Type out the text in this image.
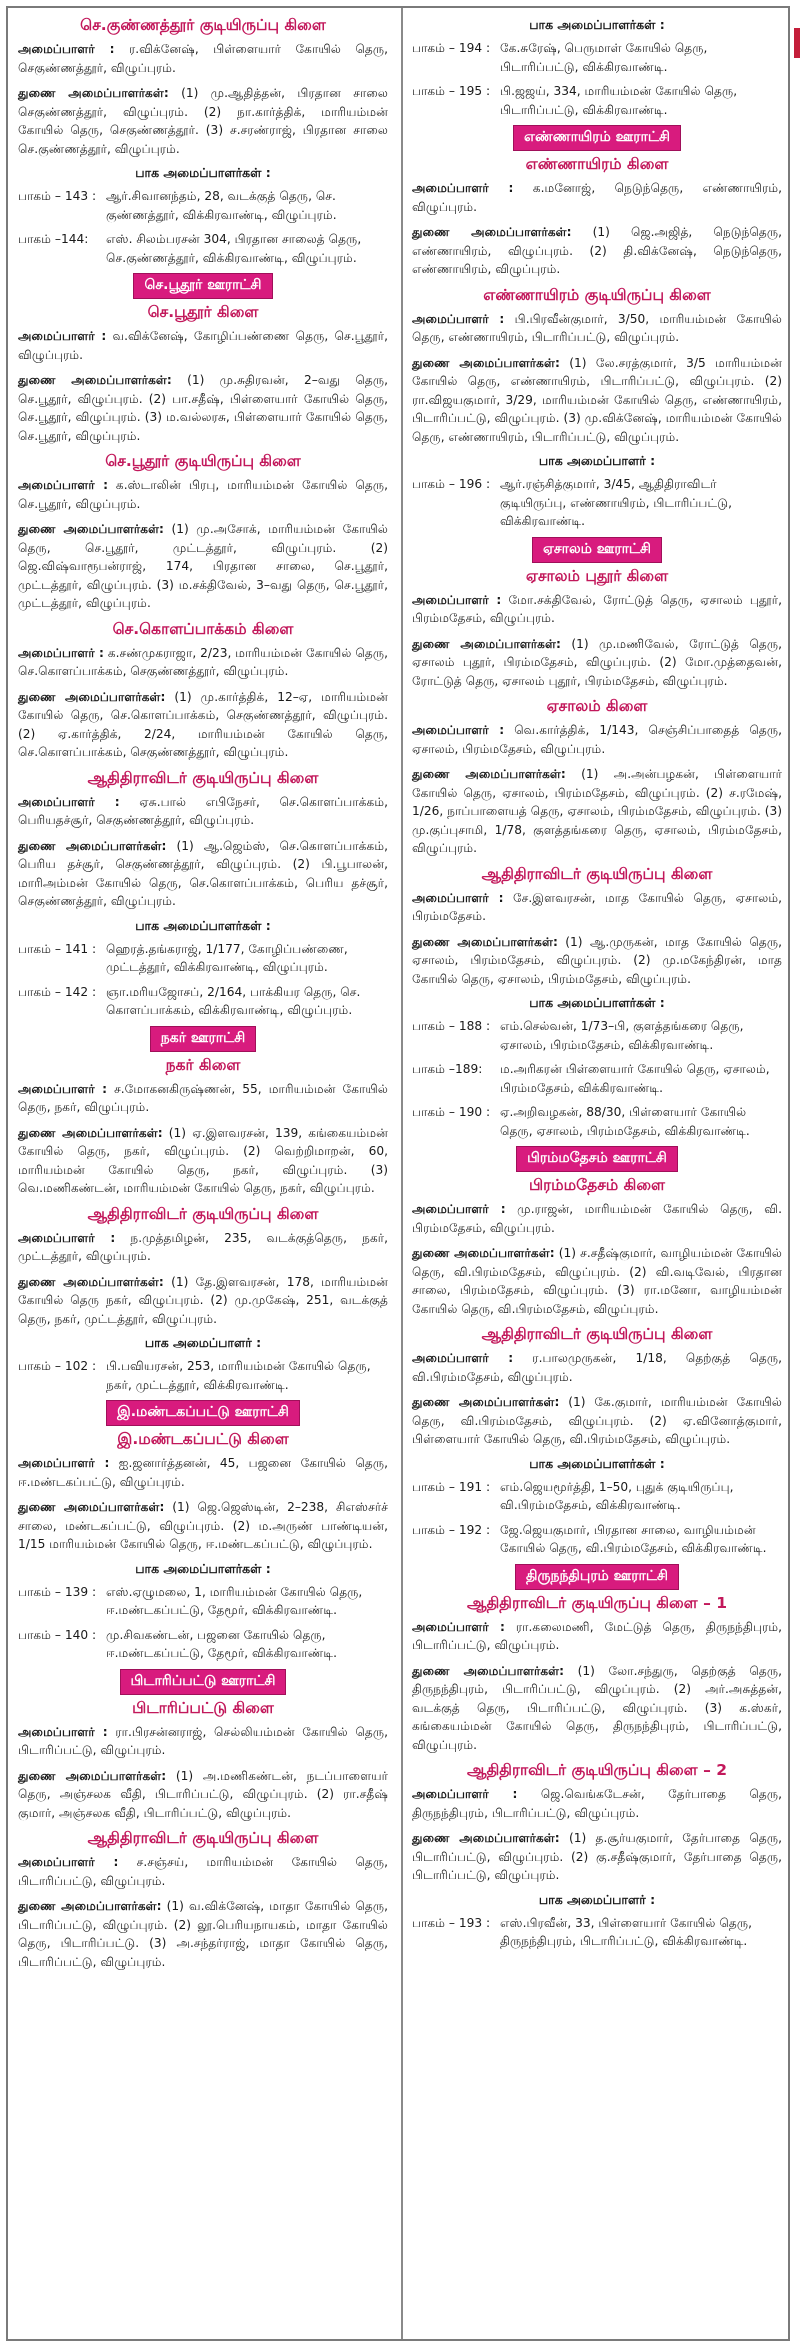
செ.குண்ணத்தூர் குடியிருப்பு கிளை

அமைப்பாளர் : ர.விக்னேஷ், பிள்ளையார் கோயில் தெரு, செகுண்ணத்தூர், விழுப்புரம்.

துணை அமைப்பாளர்கள்: (1) மு.ஆதித்தன், பிரதான சாலை செகுண்ணத்தூர், விழுப்புரம். (2) நா.கார்த்திக், மாரியம்மன் கோயில் தெரு, செகுண்ணத்தூர். (3) ச.சரண்ராஜ், பிரதான சாலை செ.குண்ணத்தூர், விழுப்புரம்.

பாக அமைப்பாளர்கள் :
பாகம் – 143 : ஆர்.சிவானந்தம், 28, வடக்குத் தெரு, செ. குண்ணத்தூர், விக்கிரவாண்டி, விழுப்புரம்.
பாகம் –144:	எஸ். சிலம்பரசன் 304, பிரதான சாலைத் தெரு, செ.குண்ணத்தூர், விக்கிரவாண்டி, விழுப்புரம்.
செ.பூதூர் ஊராட்சி
செ.பூதூர் கிளை

அமைப்பாளர் : வ.விக்னேஷ், கோழிப்பண்ணை தெரு, செ.பூதூர், விழுப்புரம்.

துணை அமைப்பாளர்கள்: (1) மு.சுதிரவன், 2–வது தெரு, செ.பூதூர், விழுப்புரம். (2) பா.சதீஷ், பிள்ளையார் கோயில் தெரு, செ.பூதூர், விழுப்புரம். (3) ம.வல்லரசு, பிள்ளையார் கோயில் தெரு, செ.பூதூர், விழுப்புரம்.

செ.பூதூர் குடியிருப்பு கிளை

அமைப்பாளர் : க.ஸ்டாலின் பிரபு, மாரியம்மன் கோயில் தெரு, செ.பூதூர், விழுப்புரம்.

துணை அமைப்பாளர்கள்: (1) மு.அசோக், மாரியம்மன் கோயில் தெரு, செ.பூதூர், முட்டத்தூர், விழுப்புரம். (2) ஜெ.விஷ்வாரூபன்ராஜ், 174, பிரதான சாலை, செ.பூதூர், முட்டத்தூர், விழுப்புரம். (3) ம.சக்திவேல், 3–வது தெரு, செ.பூதூர், முட்டத்தூர், விழுப்புரம்.

செ.கொளப்பாக்கம் கிளை

அமைப்பாளர் : க.சண்முகராஜா, 2/23, மாரியம்மன் கோயில் தெரு, செ.கொளப்பாக்கம், செகுண்ணத்தூர், விழுப்புரம்.

துணை அமைப்பாளர்கள்: (1) மு.கார்த்திக், 12–ஏ, மாரியம்மன் கோயில் தெரு, செ.கொளப்பாக்கம், செகுண்ணத்தூர், விழுப்புரம். (2) ஏ.கார்த்திக், 2/24, மாரியம்மன் கோயில் தெரு, செ.கொளப்பாக்கம், செகுண்ணத்தூர், விழுப்புரம்.

ஆதிதிராவிடர் குடியிருப்பு கிளை

அமைப்பாளர் : ஏசு.பால் எபிநேசர், செ.கொளப்பாக்கம், பெரியதச்சூர், செகுண்ணத்தூர், விழுப்புரம்.

துணை அமைப்பாளர்கள்: (1) ஆ.ஜெம்ஸ், செ.கொளப்பாக்கம், பெரிய தச்சூர், செகுண்ணத்தூர், விழுப்புரம். (2) பி.பூபாலன், மாரிஅம்மன் கோயில் தெரு, செ.கொளப்பாக்கம், பெரிய தச்சூர், செகுண்ணத்தூர், விழுப்புரம்.

பாக அமைப்பாளர்கள் :
பாகம் – 141 : ஹெரத்.தங்கராஜ், 1/177, கோழிப்பண்ணை, முட்டத்தூர், விக்கிரவாண்டி, விழுப்புரம்.
பாகம் – 142 : ஞா.மரியஜோசப், 2/164, பாக்கியர தெரு, செ. கொளப்பாக்கம், விக்கிரவாண்டி, விழுப்புரம்.
நகர் ஊராட்சி
நகர் கிளை

அமைப்பாளர் : ச.மோகனகிருஷ்ணன், 55, மாரியம்மன் கோயில் தெரு, நகர், விழுப்புரம்.

துணை அமைப்பாளர்கள்: (1) ஏ.இளவரசன், 139, கங்கையம்மன் கோயில் தெரு, நகர், விழுப்புரம். (2) வெற்றிமாறன், 60, மாரியம்மன் கோயில் தெரு, நகர், விழுப்புரம். (3) வெ.மணிகண்டன், மாரியம்மன் கோயில் தெரு, நகர், விழுப்புரம்.

ஆதிதிராவிடர் குடியிருப்பு கிளை

அமைப்பாளர் : ந.முத்தமிழன், 235, வடக்குத்தெரு, நகர், முட்டத்தூர், விழுப்புரம்.

துணை அமைப்பாளர்கள்: (1) தே.இளவரசன், 178, மாரியம்மன் கோயில் தெரு நகர், விழுப்புரம். (2) மு.முகேஷ், 251, வடக்குத் தெரு, நகர், முட்டத்தூர், விழுப்புரம்.

பாக அமைப்பாளர் :
பாகம் – 102 : பி.பவியரசன், 253, மாரியம்மன் கோயில் தெரு, நகர், முட்டத்தூர், விக்கிரவாண்டி.
இ.மண்டகப்பட்டு ஊராட்சி
இ.மண்டகப்பட்டு கிளை

அமைப்பாளர் : ஐ.ஜனார்த்தனன், 45, பஜனை கோயில் தெரு, ஈ.மண்டகப்பட்டு, விழுப்புரம்.

துணை அமைப்பாளர்கள்: (1) ஜெ.ஜெஸ்டின், 2–238, சிஎஸ்சர்ச் சாலை, மண்டகப்பட்டு, விழுப்புரம். (2) ம.அருண் பாண்டியன், 1/15 மாரியம்மன் கோயில் தெரு, ஈ.மண்டகப்பட்டு, விழுப்புரம்.

பாக அமைப்பாளர்கள் :
பாகம் – 139 : எஸ்.ஏழுமலை, 1, மாரியம்மன் கோயில் தெரு, ஈ.மண்டகப்பட்டு, தேமூர், விக்கிரவாண்டி.
பாகம் – 140 : மு.சிவகண்டன், பஜனை கோயில் தெரு, ஈ.மண்டகப்பட்டு, தேமூர், விக்கிரவாண்டி.
பிடாரிப்பட்டு ஊராட்சி
பிடாரிப்பட்டு கிளை

அமைப்பாளர் : ரா.பிரசன்னராஜ், செல்லியம்மன் கோயில் தெரு, பிடாரிப்பட்டு, விழுப்புரம்.

துணை அமைப்பாளர்கள்: (1) அ.மணிகண்டன், நடப்பாளையர் தெரு, அஞ்சலக வீதி, பிடாரிப்பட்டு, விழுப்புரம். (2) ரா.சதீஷ் குமார், அஞ்சலக வீதி, பிடாரிப்பட்டு, விழுப்புரம்.

ஆதிதிராவிடர் குடியிருப்பு கிளை

அமைப்பாளர் : ச.சஞ்சய், மாரியம்மன் கோயில் தெரு, பிடாரிப்பட்டு, விழுப்புரம்.

துணை அமைப்பாளர்கள்: (1) வ.விக்னேஷ், மாதா கோயில் தெரு, பிடாரிப்பட்டு, விழுப்புரம். (2) லூ.பெரியநாயகம், மாதா கோயில் தெரு, பிடாரிப்பட்டு. (3) அ.சந்தர்ராஜ், மாதா கோயில் தெரு, பிடாரிப்பட்டு, விழுப்புரம்.

பாக அமைப்பாளர்கள் :
பாகம் – 194 : கே.சுரேஷ், பெருமாள் கோயில் தெரு, பிடாரிப்பட்டு, விக்கிரவாண்டி.
பாகம் – 195 : பி.ஜஜய், 334, மாரியம்மன் கோயில் தெரு, பிடாரிப்பட்டு, விக்கிரவாண்டி.
எண்ணாயிரம் ஊராட்சி
எண்ணாயிரம் கிளை

அமைப்பாளர் : க.மனோஜ், நெடுந்தெரு, எண்ணாயிரம், விழுப்புரம்.

துணை அமைப்பாளர்கள்: (1) ஜெ.அஜித், நெடுந்தெரு, எண்ணாயிரம், விழுப்புரம். (2) தி.விக்னேஷ், நெடுந்தெரு, எண்ணாயிரம், விழுப்புரம்.

எண்ணாயிரம் குடியிருப்பு கிளை

அமைப்பாளர் : பி.பிரவீன்குமார், 3/50, மாரியம்மன் கோயில் தெரு, எண்ணாயிரம், பிடாரிப்பட்டு, விழுப்புரம்.

துணை அமைப்பாளர்கள்: (1) லே.சரத்குமார், 3/5 மாரியம்மன் கோயில் தெரு, எண்ணாயிரம், பிடாரிப்பட்டு, விழுப்புரம். (2) ரா.விஜயகுமார், 3/29, மாரியம்மன் கோயில் தெரு, எண்ணாயிரம், பிடாரிப்பட்டு, விழுப்புரம். (3) மு.விக்னேஷ், மாரியம்மன் கோயில் தெரு, எண்ணாயிரம், பிடாரிப்பட்டு, விழுப்புரம்.

பாக அமைப்பாளர் :
பாகம் – 196 : ஆர்.ரஞ்சித்குமார், 3/45, ஆதிதிராவிடர் குடியிருப்பு, எண்ணாயிரம், பிடாரிப்பட்டு, விக்கிரவாண்டி.
ஏசாலம் ஊராட்சி
ஏசாலம் புதூர் கிளை

அமைப்பாளர் : மோ.சக்திவேல், ரோட்டுத் தெரு, ஏசாலம் புதூர், பிரம்மதேசம், விழுப்புரம்.

துணை அமைப்பாளர்கள்: (1) மு.மணிவேல், ரோட்டுத் தெரு, ஏசாலம் புதூர், பிரம்மதேசம், விழுப்புரம். (2) மோ.முத்தைவன், ரோட்டுத் தெரு, ஏசாலம் புதூர், பிரம்மதேசம், விழுப்புரம்.

ஏசாலம் கிளை

அமைப்பாளர் : வெ.கார்த்திக், 1/143, செஞ்சிப்பாதைத் தெரு, ஏசாலம், பிரம்மதேசம், விழுப்புரம்.

துணை அமைப்பாளர்கள்: (1) அ.அன்பழகன், பிள்ளையார் கோயில் தெரு, ஏசாலம், பிரம்மதேசம், விழுப்புரம். (2) ச.ரமேஷ், 1/26, நாப்பாளையத் தெரு, ஏசாலம், பிரம்மதேசம், விழுப்புரம். (3) மு.குப்புசாமி, 1/78, குளத்தங்கரை தெரு, ஏசாலம், பிரம்மதேசம், விழுப்புரம்.

ஆதிதிராவிடர் குடியிருப்பு கிளை

அமைப்பாளர் : சே.இளவரசன், மாத கோயில் தெரு, ஏசாலம், பிரம்மதேசம்.

துணை அமைப்பாளர்கள்: (1) ஆ.முருகன், மாத கோயில் தெரு, ஏசாலம், பிரம்மதேசம், விழுப்புரம். (2) மு.மகேந்திரன், மாத கோயில் தெரு, ஏசாலம், பிரம்மதேசம், விழுப்புரம்.

பாக அமைப்பாளர்கள் :
பாகம் – 188 : எம்.செல்வன், 1/73–பி, குளத்தங்கரை தெரு, ஏசாலம், பிரம்மதேசம், விக்கிரவாண்டி.
பாகம் –189:	ம.அரிகரன் பிள்ளையார் கோயில் தெரு, ஏசாலம், பிரம்மதேசம், விக்கிரவாண்டி.
பாகம் – 190 : ஏ.அறிவழகன், 88/30, பிள்ளையார் கோயில் தெரு, ஏசாலம், பிரம்மதேசம், விக்கிரவாண்டி.
பிரம்மதேசம் ஊராட்சி
பிரம்மதேசம் கிளை

அமைப்பாளர் : மு.ராஜன், மாரியம்மன் கோயில் தெரு, வி. பிரம்மதேசம், விழுப்புரம்.

துணை அமைப்பாளர்கள்: (1) ச.சதீஷ்குமார், வாழியம்மன் கோயில் தெரு, வி.பிரம்மதேசம், விழுப்புரம். (2) வி.வடிவேல், பிரதான சாலை, பிரம்மதேசம், விழுப்புரம். (3) ரா.மனோ, வாழியம்மன் கோயில் தெரு, வி.பிரம்மதேசம், விழுப்புரம்.

ஆதிதிராவிடர் குடியிருப்பு கிளை

அமைப்பாளர் : ர.பாலமுருகன், 1/18, தெற்குத் தெரு, வி.பிரம்மதேசம், விழுப்புரம்.

துணை அமைப்பாளர்கள்: (1) கே.குமார், மாரியம்மன் கோயில் தெரு, வி.பிரம்மதேசம், விழுப்புரம். (2) ஏ.வினோத்குமார், பிள்ளையார் கோயில் தெரு, வி.பிரம்மதேசம், விழுப்புரம்.

பாக அமைப்பாளர்கள் :
பாகம் – 191 : எம்.ஜெயமூர்த்தி, 1–50, புதுக் குடியிருப்பு, வி.பிரம்மதேசம், விக்கிரவாண்டி.
பாகம் – 192 : ஜே.ஜெயகுமார், பிரதான சாலை, வாழியம்மன் கோயில் தெரு, வி.பிரம்மதேசம், விக்கிரவாண்டி.
திருநந்திபுரம் ஊராட்சி
ஆதிதிராவிடர் குடியிருப்பு கிளை – 1

அமைப்பாளர் : ரா.கலைமணி, மேட்டுத் தெரு, திருநந்திபுரம், பிடாரிப்பட்டு, விழுப்புரம்.

துணை அமைப்பாளர்கள்: (1) லோ.சந்துரு, தெற்குத் தெரு, திருநந்திபுரம், பிடாரிப்பட்டு, விழுப்புரம். (2) அர்.அசுத்தன், வடக்குத் தெரு, பிடாரிப்பட்டு, விழுப்புரம். (3) க.ஸ்கர், கங்கையம்மன் கோயில் தெரு, திருநந்திபுரம், பிடாரிப்பட்டு, விழுப்புரம்.

ஆதிதிராவிடர் குடியிருப்பு கிளை – 2

அமைப்பாளர் : ஜெ.வெங்கடேசன், தேர்பாதை தெரு, திருநந்திபுரம், பிடாரிப்பட்டு, விழுப்புரம்.

துணை அமைப்பாளர்கள்: (1) த.சூர்யகுமார், தேர்பாதை தெரு, பிடாரிப்பட்டு, விழுப்புரம். (2) கு.சதீஷ்குமார், தேர்பாதை தெரு, பிடாரிப்பட்டு, விழுப்புரம்.

பாக அமைப்பாளர் :
பாகம் – 193 : எஸ்.பிரவீன், 33, பிள்ளையார் கோயில் தெரு, திருநந்திபுரம், பிடாரிப்பட்டு, விக்கிரவாண்டி.
